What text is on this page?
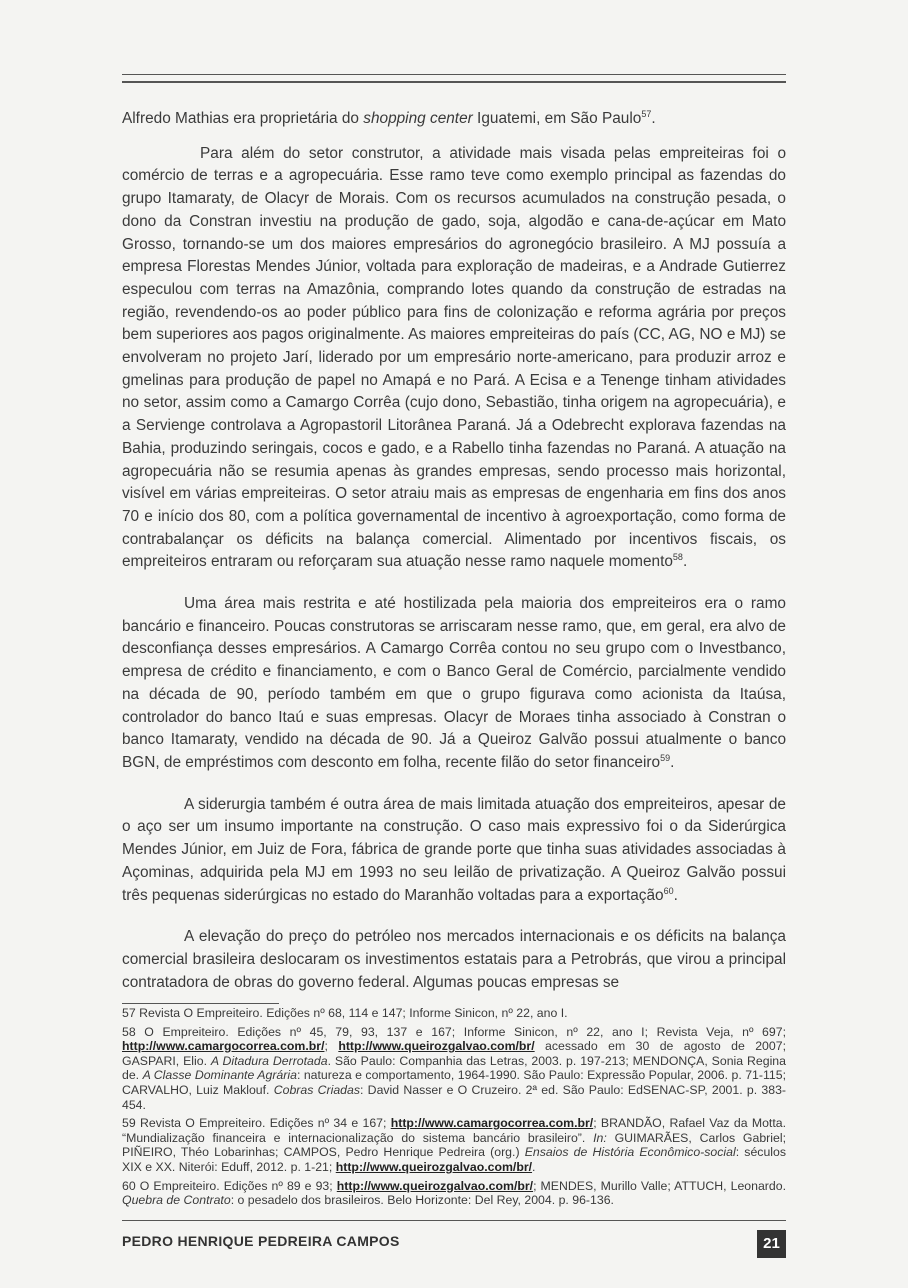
Alfredo Mathias era proprietária do shopping center Iguatemi, em São Paulo$^{57}$.

Para além do setor construtor, a atividade mais visada pelas empreiteiras foi o comércio de terras e a agropecuária. Esse ramo teve como exemplo principal as fazendas do grupo Itamaraty, de Olacyr de Morais. Com os recursos acumulados na construção pesada, o dono da Constran investiu na produção de gado, soja, algodão e cana-de-açúcar em Mato Grosso, tornando-se um dos maiores empresários do agronegócio brasileiro. A MJ possuía a empresa Florestas Mendes Júnior, voltada para exploração de madeiras, e a Andrade Gutierrez especulou com terras na Amazônia, comprando lotes quando da construção de estradas na região, revendendo-os ao poder público para fins de colonização e reforma agrária por preços bem superiores aos pagos originalmente. As maiores empreiteiras do país (CC, AG, NO e MJ) se envolveram no projeto Jarí, liderado por um empresário norte-americano, para produzir arroz e gmelinas para produção de papel no Amapá e no Pará. A Ecisa e a Tenenge tinham atividades no setor, assim como a Camargo Corrêa (cujo dono, Sebastião, tinha origem na agropecuária), e a Servienge controlava a Agropastoril Litorânea Paraná. Já a Odebrecht explorava fazendas na Bahia, produzindo seringais, cocos e gado, e a Rabello tinha fazendas no Paraná. A atuação na agropecuária não se resumia apenas às grandes empresas, sendo processo mais horizontal, visível em várias empreiteiras. O setor atraiu mais as empresas de engenharia em fins dos anos 70 e início dos 80, com a política governamental de incentivo à agroexportação, como forma de contrabalançar os déficits na balança comercial. Alimentado por incentivos fiscais, os empreiteiros entraram ou reforçaram sua atuação nesse ramo naquele momento$^{58}$.

Uma área mais restrita e até hostilizada pela maioria dos empreiteiros era o ramo bancário e financeiro. Poucas construtoras se arriscaram nesse ramo, que, em geral, era alvo de desconfiança desses empresários. A Camargo Corrêa contou no seu grupo com o Investbanco, empresa de crédito e financiamento, e com o Banco Geral de Comércio, parcialmente vendido na década de 90, período também em que o grupo figurava como acionista da Itaúsa, controlador do banco Itaú e suas empresas. Olacyr de Moraes tinha associado à Constran o banco Itamaraty, vendido na década de 90. Já a Queiroz Galvão possui atualmente o banco BGN, de empréstimos com desconto em folha, recente filão do setor financeiro$^{59}$.

A siderurgia também é outra área de mais limitada atuação dos empreiteiros, apesar de o aço ser um insumo importante na construção. O caso mais expressivo foi o da Siderúrgica Mendes Júnior, em Juiz de Fora, fábrica de grande porte que tinha suas atividades associadas à Açominas, adquirida pela MJ em 1993 no seu leilão de privatização. A Queiroz Galvão possui três pequenas siderúrgicas no estado do Maranhão voltadas para a exportação$^{60}$.

A elevação do preço do petróleo nos mercados internacionais e os déficits na balança comercial brasileira deslocaram os investimentos estatais para a Petrobrás, que virou a principal contratadora de obras do governo federal. Algumas poucas empresas se

57 Revista O Empreiteiro. Edições nº 68, 114 e 147; Informe Sinicon, nº 22, ano I.

58 O Empreiteiro. Edições nº 45, 79, 93, 137 e 167; Informe Sinicon, nº 22, ano I; Revista Veja, nº 697; http://www.camargocorrea.com.br/; http://www.queirozgalvao.com/br/ acessado em 30 de agosto de 2007; GASPARI, Elio. A Ditadura Derrotada. São Paulo: Companhia das Letras, 2003. p. 197-213; MENDONÇA, Sonia Regina de. A Classe Dominante Agrária: natureza e comportamento, 1964-1990. São Paulo: Expressão Popular, 2006. p. 71-115; CARVALHO, Luiz Maklouf. Cobras Criadas: David Nasser e O Cruzeiro. 2ª ed. São Paulo: EdSENAC-SP, 2001. p. 383-454.

59 Revista O Empreiteiro. Edições nº 34 e 167; http://www.camargocorrea.com.br/; BRANDÃO, Rafael Vaz da Motta. “Mundialização financeira e internacionalização do sistema bancário brasileiro”. In: GUIMARÃES, Carlos Gabriel; PIÑEIRO, Théo Lobarinhas; CAMPOS, Pedro Henrique Pedreira (org.) Ensaios de História Econômico-social: séculos XIX e XX. Niterói: Eduff, 2012. p. 1-21; http://www.queirozgalvao.com/br/.

60 O Empreiteiro. Edições nº 89 e 93; http://www.queirozgalvao.com/br/; MENDES, Murillo Valle; ATTUCH, Leonardo. Quebra de Contrato: o pesadelo dos brasileiros. Belo Horizonte: Del Rey, 2004. p. 96-136.

PEDRO HENRIQUE PEDREIRA CAMPOS	21
